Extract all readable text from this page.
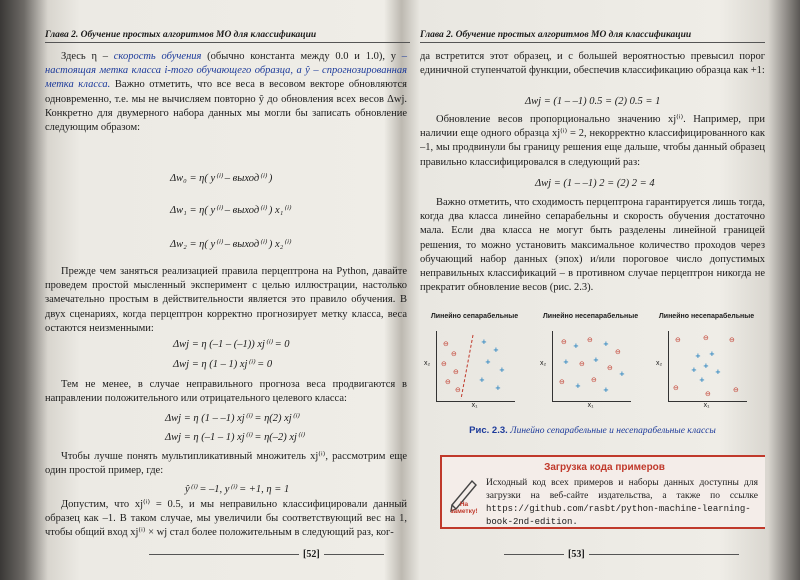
Глава 2. Обучение простых алгоритмов МО для классификации

Здесь η – скорость обучения (обычно константа между 0.0 и 1.0), y – настоящая метка класса i-того обучающего образца, а ŷ – спрогнозированная метка класса. Важно отметить, что все веса в весовом векторе обновляются одновременно, т.е. мы не вычисляем повторно ŷ до обновления всех весов Δwj. Конкретно для двумерного набора данных мы могли бы записать обновление следующим образом:

Δw₀ = η( y⁽ⁱ⁾ – выход⁽ⁱ⁾ )
Δw₁ = η( y⁽ⁱ⁾ – выход⁽ⁱ⁾ ) x₁⁽ⁱ⁾
Δw₂ = η( y⁽ⁱ⁾ – выход⁽ⁱ⁾ ) x₂⁽ⁱ⁾

Прежде чем заняться реализацией правила перцептрона на Python, давайте проведем простой мысленный эксперимент с целью иллюстрации, настолько замечательно простым в действительности является это правило обучения. В двух сценариях, когда перцептрон корректно прогнозирует метку класса, веса остаются неизменными:

Δwj = η (–1 – (–1)) xj⁽ⁱ⁾ = 0
Δwj = η (1 – 1) xj⁽ⁱ⁾ = 0

Тем не менее, в случае неправильного прогноза веса продвигаются в направлении положительного или отрицательного целевого класса:

Δwj = η (1 – –1) xj⁽ⁱ⁾ = η(2) xj⁽ⁱ⁾
Δwj = η (–1 – 1) xj⁽ⁱ⁾ = η(–2) xj⁽ⁱ⁾

Чтобы лучше понять мультипликативный множитель xj⁽ⁱ⁾, рассмотрим еще один простой пример, где:

ŷ⁽ⁱ⁾ = –1, y⁽ⁱ⁾ = +1, η = 1

Допустим, что xj⁽ⁱ⁾ = 0.5, и мы неправильно классифицировали данный образец как –1. В таком случае, мы увеличили бы соответствующий вес на 1, чтобы общий вход xj⁽ⁱ⁾ × wj стал более положительным в следующий раз, ког-

[52]
Глава 2. Обучение простых алгоритмов МО для классификации

да встретится этот образец, и с большей вероятностью превысил порог единичной ступенчатой функции, обеспечив классификацию образца как +1:

Δwj = (1 – –1) 0.5 = (2) 0.5 = 1

Обновление весов пропорционально значению xj⁽ⁱ⁾. Например, при наличии еще одного образца xj⁽ⁱ⁾ = 2, некорректно классифицированного как –1, мы продвинули бы границу решения еще дальше, чтобы данный образец правильно классифицировался в следующий раз:

Δwj = (1 – –1) 2 = (2) 2 = 4

Важно отметить, что сходимость перцептрона гарантируется лишь тогда, когда два класса линейно сепарабельны и скорость обучения достаточно мала. Если два класса не могут быть разделены линейной границей решения, то можно установить максимальное количество проходов через обучающий набор данных (эпох) и/или пороговое число допустимых неправильных классификаций – в противном случае перцептрон никогда не прекратит обновление весов (рис. 2.3).

Линейно сепарабельные
x₂
⊖
⊖
⊖
⊖
⊖
⊖
+
+
+
+
+
+
x₁
Линейно несепарабельные
x₂
⊖ +
⊖ +
⊖
+ ⊖ +
⊖
+
⊖ +
⊖
+
x₁
Линейно несепарабельные
x₂
⊖	⊖
⊖	⊖
⊖
⊖
+ +
+ +
+
+
x₁
Рис. 2.3. Линейно сепарабельные и несепарабельные классы
Загрузка кода примеров
На заметку!
Исходный код всех примеров и наборы данных доступны для загрузки на веб-сайте издательства, а также по ссылке https://github.com/rasbt/python-machine-learning-book-2nd-edition.
[53]
